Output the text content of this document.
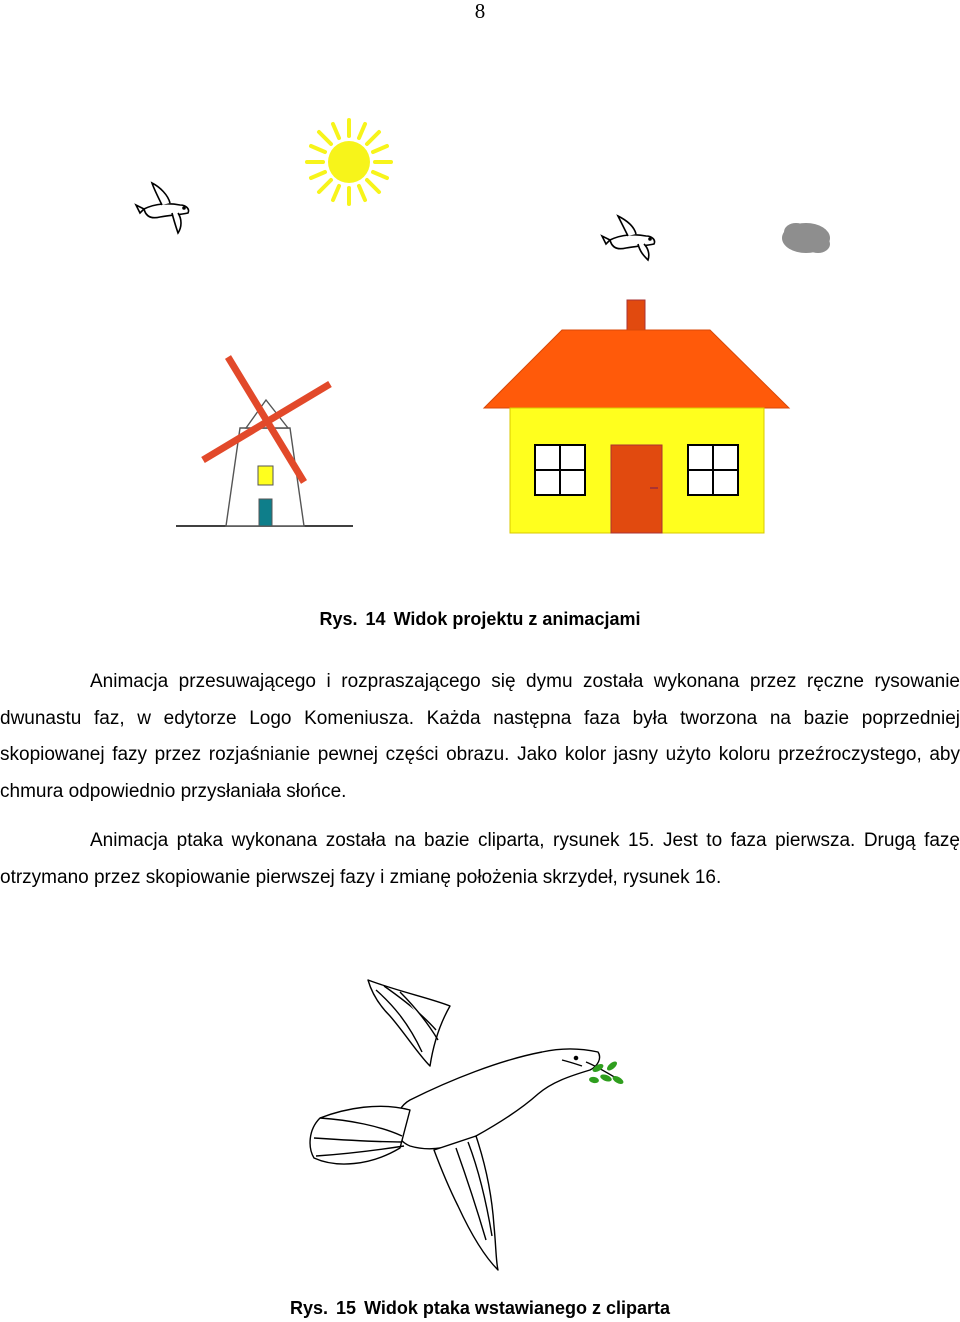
8
Rys. 14 Widok projektu z animacjami

Animacja przesuwającego i rozpraszającego się dymu została wykonana przez ręczne rysowanie dwunastu faz, w edytorze Logo Komeniusza. Każda następna faza była tworzona na bazie poprzedniej skopiowanej fazy przez rozjaśnianie pewnej części obrazu. Jako kolor jasny użyto koloru przeźroczystego, aby chmura odpowiednio przysłaniała słońce.

Animacja ptaka wykonana została na bazie cliparta, rysunek 15. Jest to faza pierwsza. Drugą fazę otrzymano przez skopiowanie pierwszej fazy i zmianę położenia skrzydeł, rysunek 16.

Rys. 15 Widok ptaka wstawianego z cliparta
